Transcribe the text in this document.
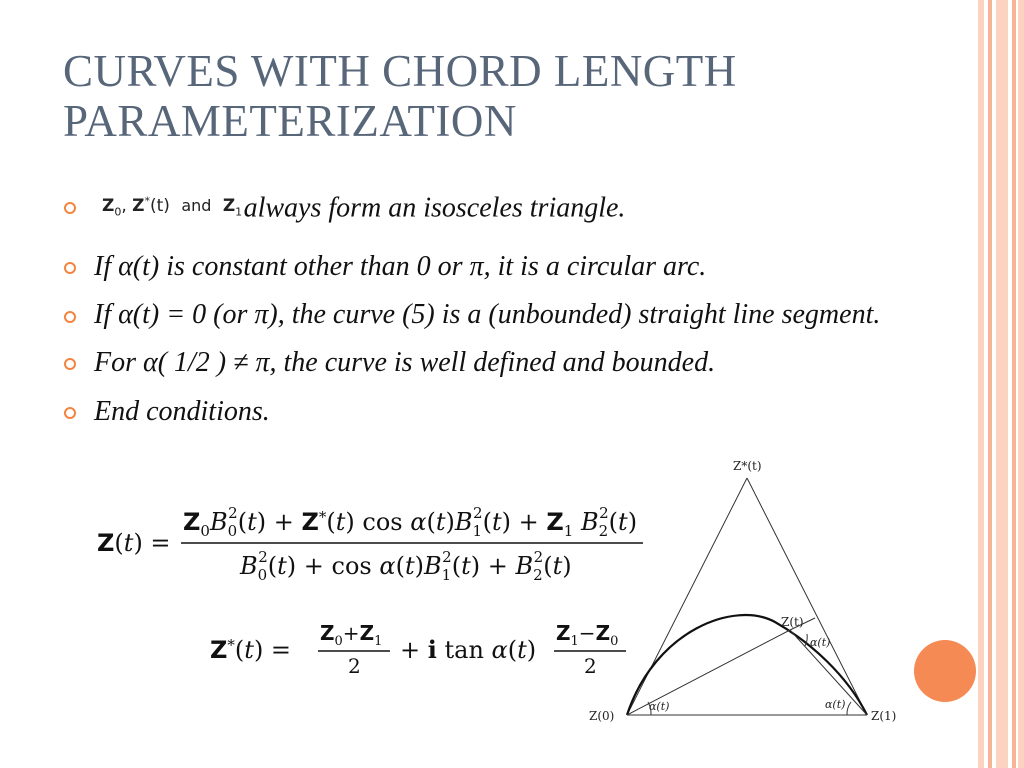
CURVES WITH CHORD LENGTH
PARAMETERIZATION
$^{Z_0, Z^*(t) and Z_1}$ always form an isosceles triangle.
If α(t) is constant other than 0 or π, it is a circular arc.
If α(t) = 0 (or π), the curve (5) is a (unbounded) straight line segment.
For α( 1/2 ) ≠ π, the curve is well defined and bounded.
End conditions.
Z(t) =
$Z_0B_02(t) + Z^*(t)$ $\cos \alpha(t)B_12(t) + Z_1$ $B_22(t)$
$B_02(t) + \cos \alpha(t)B_12(t) + B_22(t)$
Z*(t) =
$Z_0+Z_1$
2
+ i tan α(t)
$Z_1-Z_0$
2
Z*(t)
Z(0)	Z(1)
Z(t)
α(t)	α(t)
α(t)
